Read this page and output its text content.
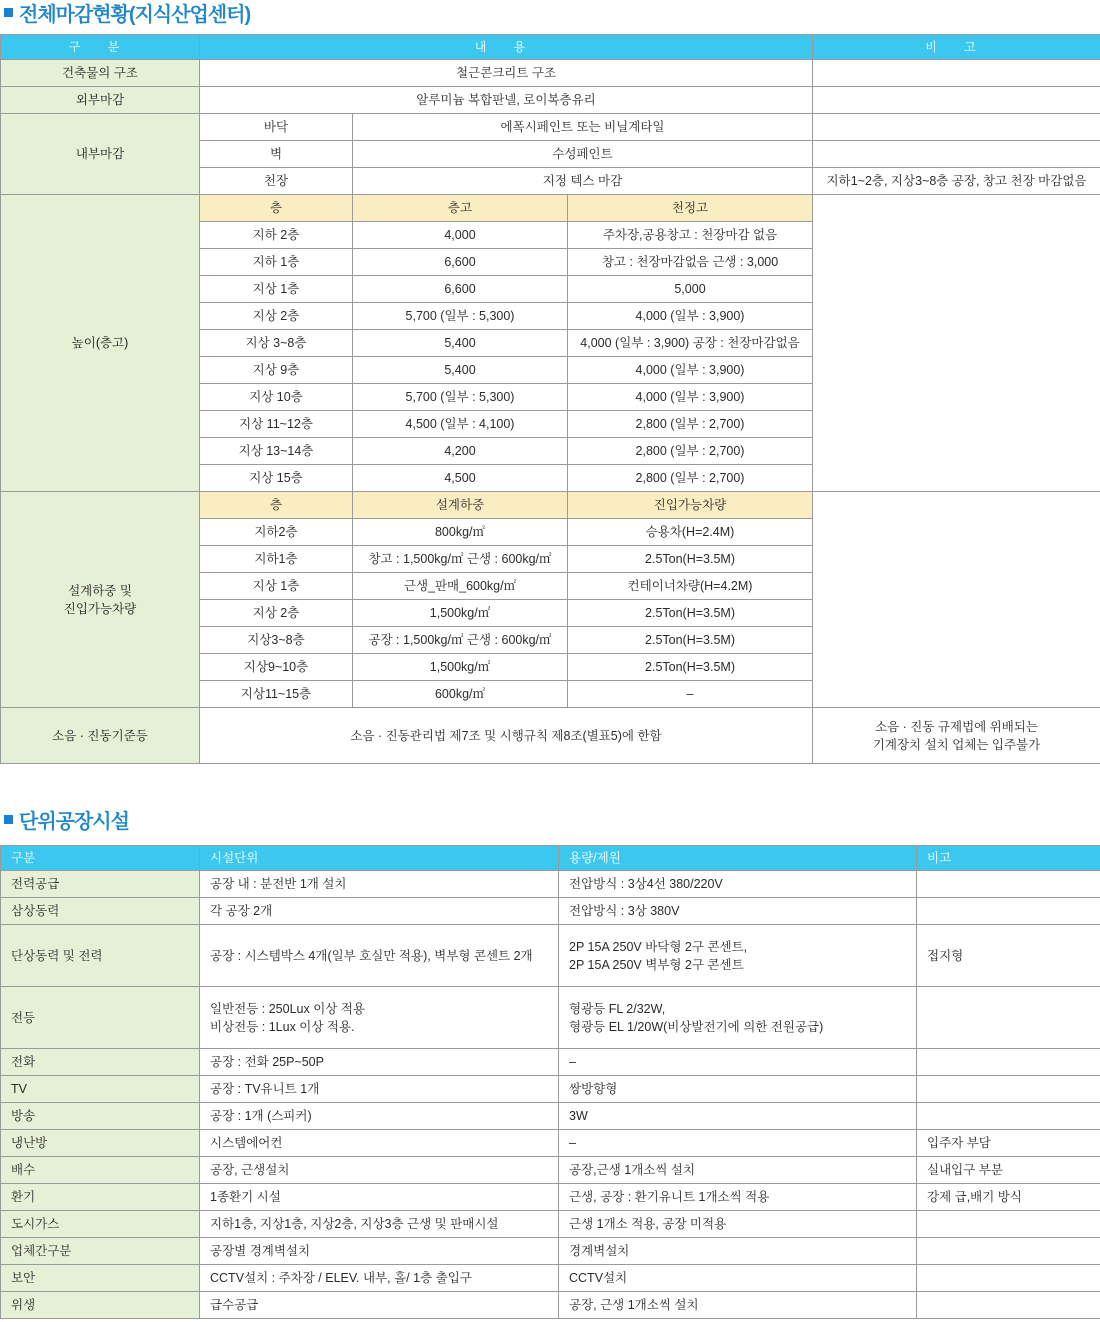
전체마감현황(지식산업센터)
구 분	내 용			비 고
건축물의 구조	철근콘크리트 구조			
외부마감	알루미늄 복합판넬, 로이복층유리			
내부마감	바닥	에폭시페인트 또는 비닐계타일		
	벽	수성페인트		
	천장	지정 텍스 마감		지하1~2층, 지상3~8층 공장, 창고 천장 마감없음
높이(층고)	층	층고	천정고	
	지하 2층	4,000	주차장,공용창고 : 천장마감 없음	
	지하 1층	6,600	창고 : 천장마감없음 근생 : 3,000	
	지상 1층	6,600	5,000	
	지상 2층	5,700 (일부 : 5,300)	4,000 (일부 : 3,900)	
	지상 3~8층	5,400	4,000 (일부 : 3,900) 공장 : 천장마감없음	
	지상 9층	5,400	4,000 (일부 : 3,900)	
	지상 10층	5,700 (일부 : 5,300)	4,000 (일부 : 3,900)	
	지상 11~12층	4,500 (일부 : 4,100)	2,800 (일부 : 2,700)	
	지상 13~14층	4,200	2,800 (일부 : 2,700)	
	지상 15층	4,500	2,800 (일부 : 2,700)	

설계하중 및
진입가능차량	층	설계하중	진입가능차량	
	지하2층	800kg/㎡	승용차(H=2.4M)	
	지하1층	창고 : 1,500kg/㎡ 근생 : 600kg/㎡	2.5Ton(H=3.5M)	
	지상 1층	근생_판매_600kg/㎡	컨테이너차량(H=4.2M)	
	지상 2층	1,500kg/㎡	2.5Ton(H=3.5M)	
	지상3~8층	공장 : 1,500kg/㎡ 근생 : 600kg/㎡	2.5Ton(H=3.5M)	
	지상9~10층	1,500kg/㎡	2.5Ton(H=3.5M)	
	지상11~15층	600kg/㎡	–	
소음 · 진동기준등	소음 · 진동관리법 제7조 및 시행규칙 제8조(별표5)에 한함			소음 · 진동 규제법에 위배되는
기계장치 설치 업체는 입주불가
단위공장시설
구분	시설단위	용량/제원	비고
전력공급	공장 내 : 분전반 1개 설치	전압방식 : 3상4선 380/220V	

삼상동력	각 공장 2개	전압방식 : 3상 380V	

단상동력 및 전력	공장 : 시스템박스 4개(일부 호실만 적용), 벽부형 콘센트 2개	2P 15A 250V 바닥형 2구 콘센트,
2P 15A 250V 벽부형 2구 콘센트	접지형
전등	일반전등 : 250Lux 이상 적용
비상전등 : 1Lux 이상 적용.	형광등 FL 2/32W,
형광등 EL 1/20W(비상발전기에 의한 전원공급)	

전화	공장 : 전화 25P~50P	–	

TV	공장 : TV유니트 1개	쌍방향형	

방송	공장 : 1개 (스피커)	3W	

냉난방	시스템에어컨	–	입주자 부담
배수	공장, 근생설치	공장,근생 1개소씩 설치	실내입구 부분
환기	1종환기 시설	근생, 공장 : 환기유니트 1개소씩 적용	강제 급,배기 방식
도시가스	지하1층, 지상1층, 지상2층, 지상3층 근생 및 판매시설	근생 1개소 적용, 공장 미적용	

업체간구분	공장별 경계벽설치	경계벽설치	

보안	CCTV설치 : 주차장 / ELEV. 내부, 홀/ 1층 출입구	CCTV설치	

위생	급수공급	공장, 근생 1개소씩 설치	
